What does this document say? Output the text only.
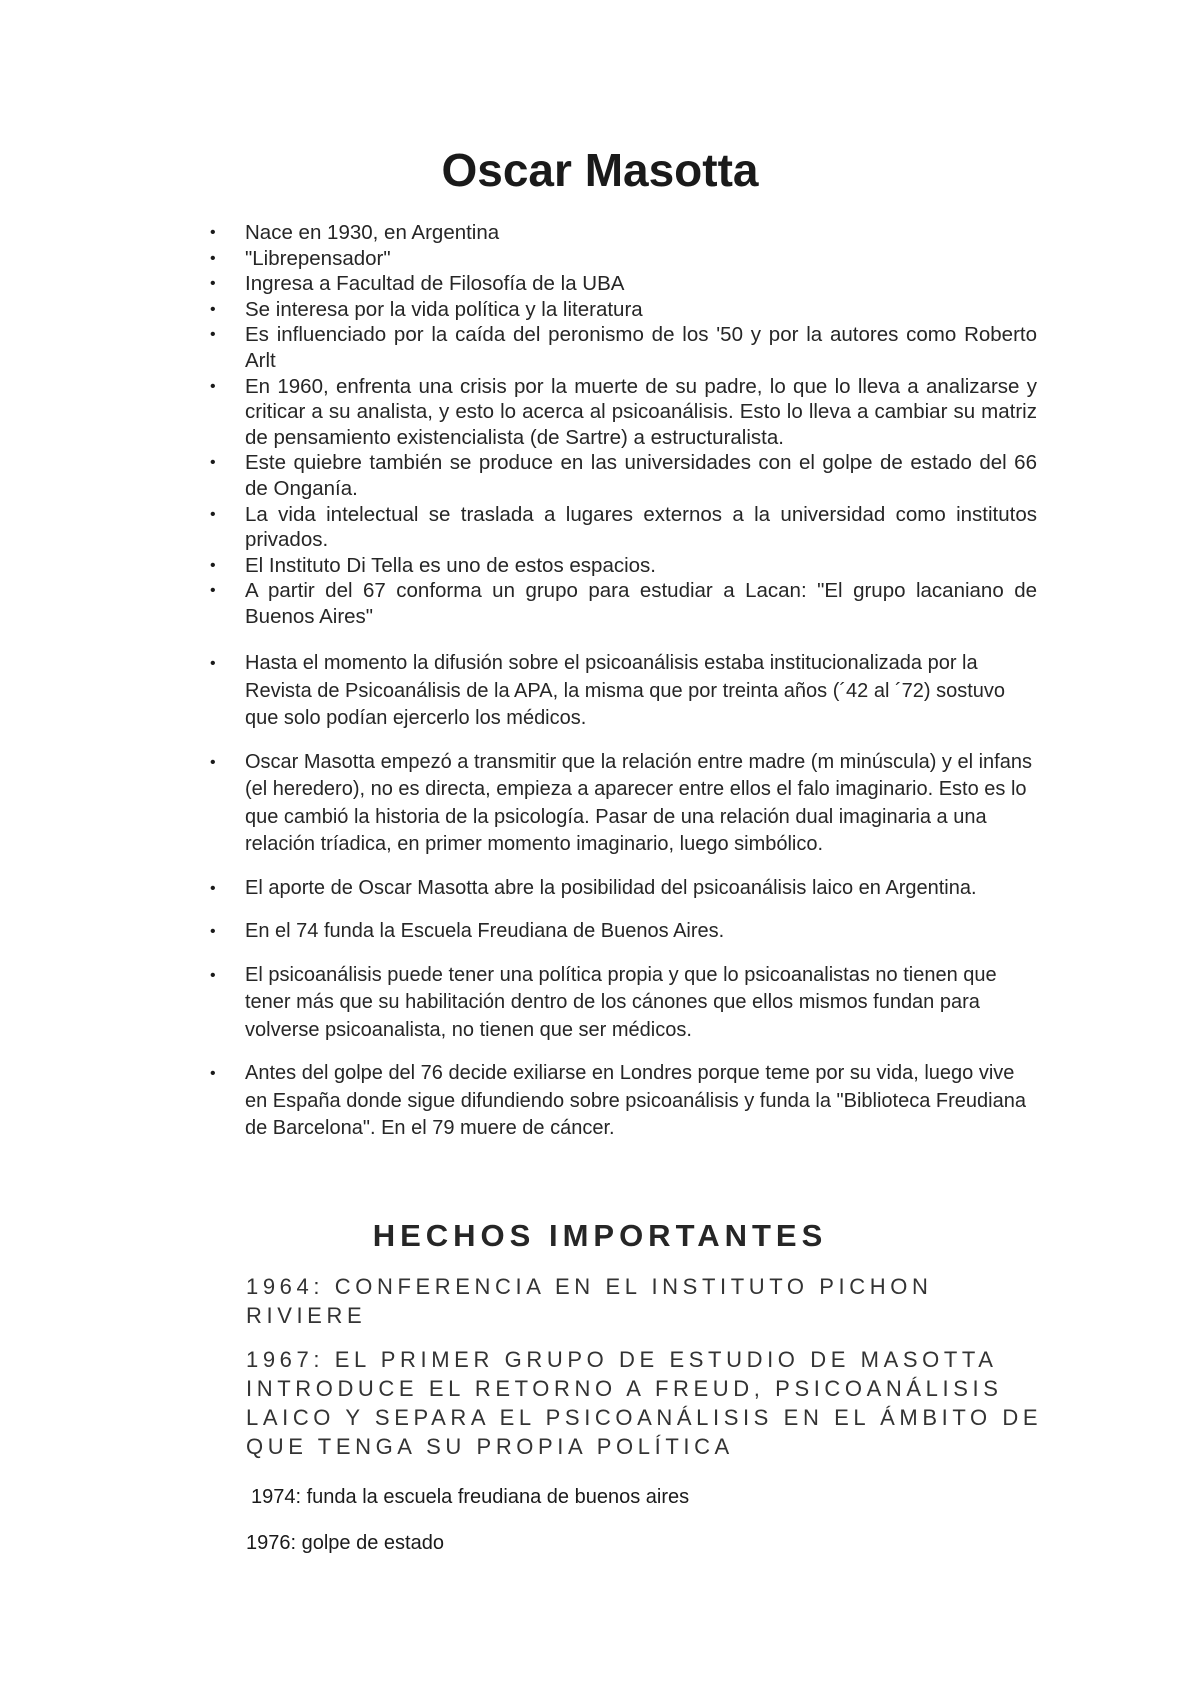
Oscar Masotta
•	Nace en 1930, en Argentina
•	"Librepensador"
•	Ingresa a Facultad de Filosofía de la UBA
•	Se interesa por la vida política y la literatura
•	Es influenciado por la caída del peronismo de los '50 y por la autores como Roberto Arlt
•	En 1960, enfrenta una crisis por la muerte de su padre, lo que lo lleva a analizarse y criticar a su analista, y esto lo acerca al psicoanálisis. Esto lo lleva a cambiar su matriz de pensamiento existencialista (de Sartre) a estructuralista.
•	Este quiebre también se produce en las universidades con el golpe de estado del 66 de Onganía.
•	La vida intelectual se traslada a lugares externos a la universidad como institutos privados.
•	El Instituto Di Tella es uno de estos espacios.
•	A partir del 67 conforma un grupo para estudiar a Lacan: "El grupo lacaniano de Buenos Aires"
•	Hasta el momento la difusión sobre el psicoanálisis estaba institucionalizada por la Revista de Psicoanálisis de la APA, la misma que por treinta años (´42 al ´72) sostuvo que solo podían ejercerlo los médicos.
•	Oscar Masotta empezó a transmitir que la relación entre madre (m minúscula) y el infans (el heredero), no es directa, empieza a aparecer entre ellos el falo imaginario. Esto es lo que cambió la historia de la psicología. Pasar de una relación dual imaginaria a una relación tríadica, en primer momento imaginario, luego simbólico.
•	El aporte de Oscar Masotta abre la posibilidad del psicoanálisis laico en Argentina.
•	En el 74 funda la Escuela Freudiana de Buenos Aires.
•	El psicoanálisis puede tener una política propia y que lo psicoanalistas no tienen que tener más que su habilitación dentro de los cánones que ellos mismos fundan para volverse psicoanalista, no tienen que ser médicos.
•	Antes del golpe del 76 decide exiliarse en Londres porque teme por su vida, luego vive en España donde sigue difundiendo sobre psicoanálisis y funda la "Biblioteca Freudiana de Barcelona". En el 79 muere de cáncer.
HECHOS IMPORTANTES

1964: CONFERENCIA EN EL INSTITUTO PICHON RIVIERE

1967: EL PRIMER GRUPO DE ESTUDIO DE MASOTTA INTRODUCE EL RETORNO A FREUD, PSICOANÁLISIS LAICO Y SEPARA EL PSICOANÁLISIS EN EL ÁMBITO DE QUE TENGA SU PROPIA POLÍTICA

1974: funda la escuela freudiana de buenos aires

1976: golpe de estado
